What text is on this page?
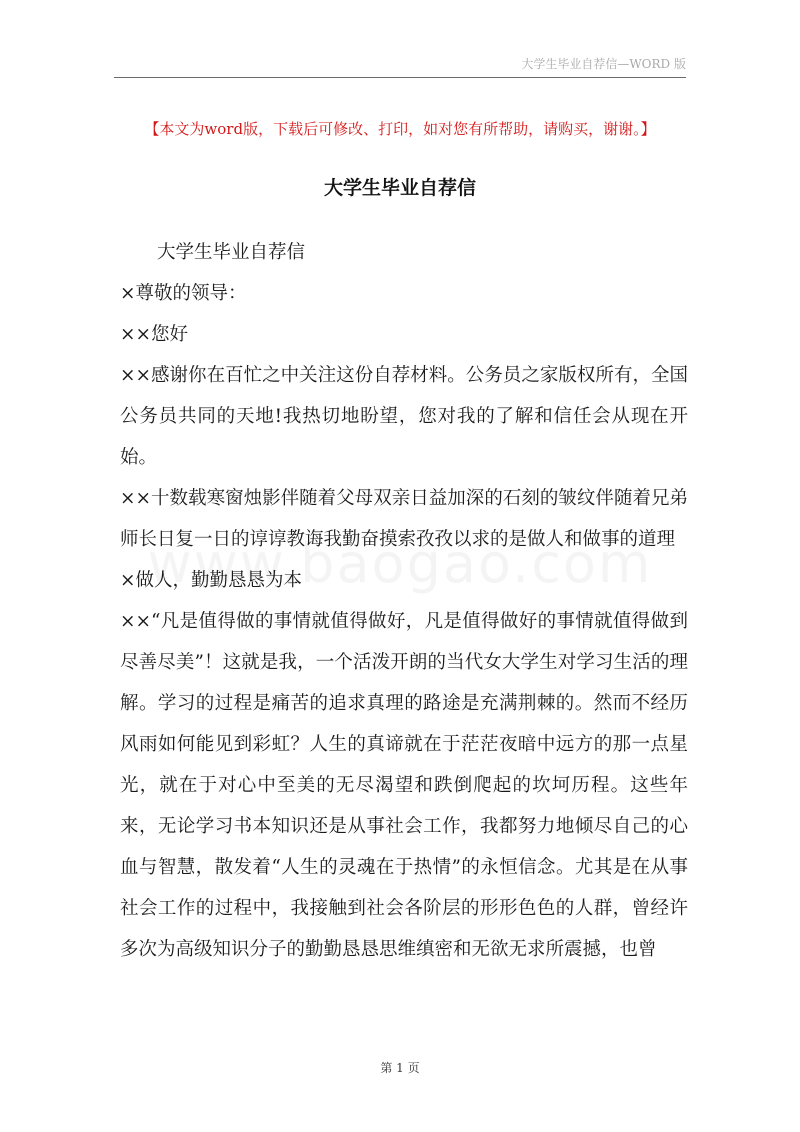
大学生毕业自荐信—WORD 版
【本文为word版，下载后可修改、打印，如对您有所帮助，请购买，谢谢。】
大学生毕业自荐信

大学生毕业自荐信

×尊敬的领导：

××您好

××感谢你在百忙之中关注这份自荐材料。公务员之家版权所有，全国公务员共同的天地!我热切地盼望，您对我的了解和信任会从现在开始。

××十数载寒窗烛影伴随着父母双亲日益加深的石刻的皱纹伴随着兄弟师长日复一日的谆谆教诲我勤奋摸索孜孜以求的是做人和做事的道理

×做人，勤勤恳恳为本

××“凡是值得做的事情就值得做好，凡是值得做好的事情就值得做到尽善尽美”！这就是我，一个活泼开朗的当代女大学生对学习生活的理解。学习的过程是痛苦的追求真理的路途是充满荆棘的。然而不经历风雨如何能见到彩虹？人生的真谛就在于茫茫夜暗中远方的那一点星光，就在于对心中至美的无尽渴望和跌倒爬起的坎坷历程。这些年来，无论学习书本知识还是从事社会工作，我都努力地倾尽自己的心血与智慧，散发着“人生的灵魂在于热情”的永恒信念。尤其是在从事社会工作的过程中，我接触到社会各阶层的形形色色的人群，曾经许多次为高级知识分子的勤勤恳恳思维缜密和无欲无求所震撼，也曾

第 1 页
